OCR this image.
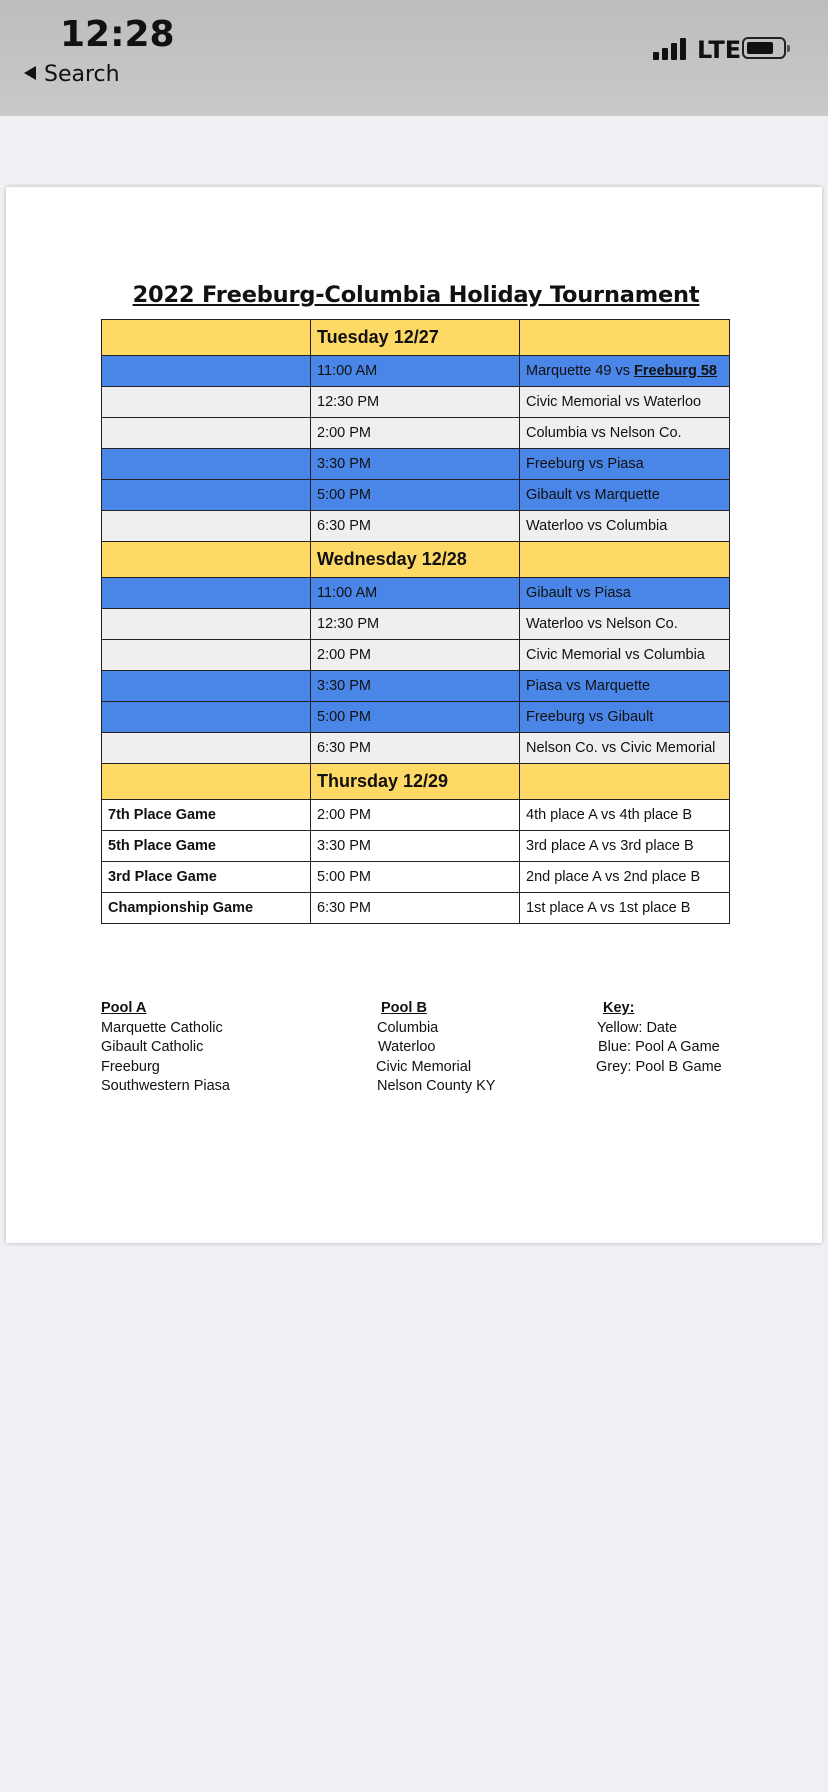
12:28
Search
LTE
2022 Freeburg-Columbia Holiday Tournament
	Tuesday 12/27	
	11:00 AM	Marquette 49 vs Freeburg 58
	12:30 PM	Civic Memorial vs Waterloo
	2:00 PM	Columbia vs Nelson Co.
	3:30 PM	Freeburg vs Piasa
	5:00 PM	Gibault vs Marquette
	6:30 PM	Waterloo vs Columbia
	Wednesday 12/28	
	11:00 AM	Gibault vs Piasa
	12:30 PM	Waterloo vs Nelson Co.
	2:00 PM	Civic Memorial vs Columbia
	3:30 PM	Piasa vs Marquette
	5:00 PM	Freeburg vs Gibault
	6:30 PM	Nelson Co. vs Civic Memorial
	Thursday 12/29	
7th Place Game	2:00 PM	4th place A vs 4th place B
5th Place Game	3:30 PM	3rd place A vs 3rd place B
3rd Place Game	5:00 PM	2nd place A vs 2nd place B
Championship Game	6:30 PM	1st place A vs 1st place B
Pool A
Marquette Catholic
Gibault Catholic
Freeburg
Southwestern Piasa
Pool B
Columbia
Waterloo
Civic Memorial
Nelson County KY
Key:
Yellow: Date
Blue: Pool A Game
Grey: Pool B Game
